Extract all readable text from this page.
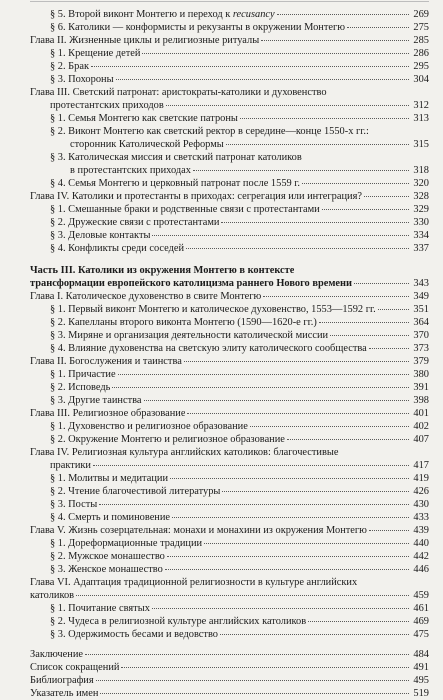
§ 5. Второй виконт Монтегю и переход к recusancy	269
§ 6. Католики — конформисты и рекузанты в окружении Монтегю	275
Глава II. Жизненные циклы и религиозные ритуалы	285
§ 1. Крещение детей	286
§ 2. Брак	295
§ 3. Похороны	304
Глава III. Светский патронат: аристократы-католики и духовенство
протестантских приходов	312
§ 1. Семья Монтегю как светские патроны	313
§ 2. Виконт Монтегю как светский ректор в середине—конце 1550-х гг.:
сторонник Католической Реформы	315
§ 3. Католическая миссия и светский патронат католиков
в протестантских приходах	318
§ 4. Семья Монтегю и церковный патронат после 1559 г.	320
Глава IV. Католики и протестанты в приходах: сегрегация или интеграция?	328
§ 1. Смешанные браки и родственные связи с протестантами	329
§ 2. Дружеские связи с протестантами	330
§ 3. Деловые контакты	334
§ 4. Конфликты среди соседей	337
Часть III. Католики из окружения Монтегю в контексте
трансформации европейского католицизма раннего Нового времени	343
Глава I. Католическое духовенство в свите Монтегю	349
§ 1. Первый виконт Монтегю и католическое духовенство, 1553—1592 гг.	351
§ 2. Капелланы второго виконта Монтегю (1590—1620-е гг.)	364
§ 3. Миряне и организация деятельности католической миссии	370
§ 4. Влияние духовенства на светскую элиту католического сообщества	373
Глава II. Богослужения и таинства	379
§ 1. Причастие	380
§ 2. Исповедь	391
§ 3. Другие таинства	398
Глава III. Религиозное образование	401
§ 1. Духовенство и религиозное образование	402
§ 2. Окружение Монтегю и религиозное образование	407
Глава IV. Религиозная культура английских католиков: благочестивые
практики	417
§ 1. Молитвы и медитации	419
§ 2. Чтение благочестивой литературы	426
§ 3. Посты	430
§ 4. Смерть и поминовение	433
Глава V. Жизнь созерцательная: монахи и монахини из окружения Монтегю	439
§ 1. Дореформационные традиции	440
§ 2. Мужское монашество	442
§ 3. Женское монашество	446
Глава VI. Адаптация традиционной религиозности в культуре английских
католиков	459
§ 1. Почитание святых	461
§ 2. Чудеса в религиозной культуре английских католиков	469
§ 3. Одержимость бесами и ведовство	475
Заключение	484
Список сокращений	491
Библиография	495
Указатель имен	519
